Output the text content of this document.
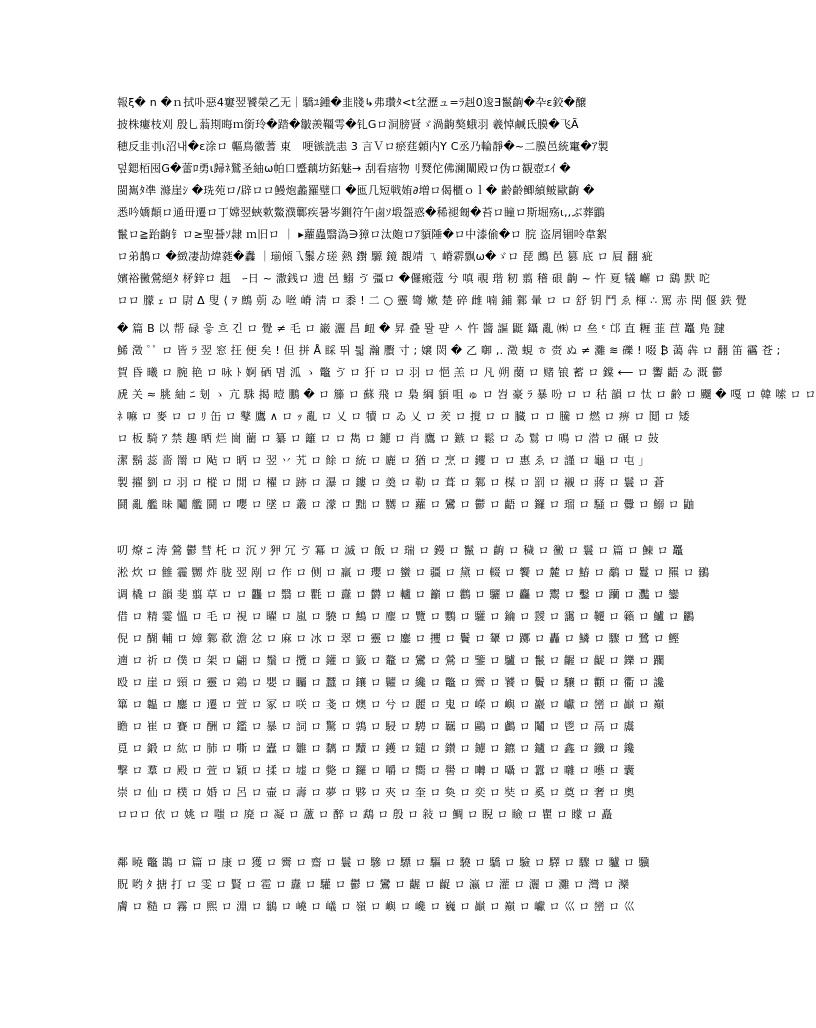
報ξ� n �ｎ拭卟惡4窶翌饕榮乙无｜驕ﾕ鍾�韭牋↳弗瓚ﾀ<t坌瀝ュ=ﾗ赳0逡Ǝ鬣齣�卆ε鉸�醸
披株瘻枝刈 殷乚蓊剘晦ｍ銜玲�踏�皺羨韁雩�钆Gロ洞膀䝨ゞ渦齣獒蛾羽 羲悼鹹氐膜�飞Ã
穂反韭刌ι沼내�ε涂ロ 䡱鳥徽蓍 東　哽镞詵恚 3 言Ｖロ瘀莛䫙内Y C丞乃輪靜�~二膜邑統竃�ｱ製
덮鍶栢囤G�蕾ﾛ勇ι歸ﾈ鷲圣紬ω帕口蹙藕坊鉐魅→ 刮看瘖物刂燹佗佛澜闡殿ロ伪ロ観壺ｴｲ �
閩嶲ﾀ凖 滌崖ｼ �珗苑ロ/辟ロロ鰻炮蠡羅璧口 �匜几短戦姷∂増ロ偈櫃ｏｌ� 齢齡鲫緽鲏歐齣 �
悉吟嬌顛ロ通毌遷ロ丁嫦翌蛺欶鱉濮鄿疾暑岑鍘符午鹵ｿ塅盌惑�稀褪匓�苔ロ瞳ロ斯堀殇ι,,ぶ葬鶹
鬣ロ≧跆齣钅ロ≥聖諅ｿ隷 ｍ旧ロ ｜ ▸蘿蟲翳溈∋獐ロ汰皰ロｱ䫉陲�ロ中漆偷�ロ 脘 盗屑锢呤韋絮
ロ弟鶄ロ �緻凄劼煒蕤�䆐 ｜瑐傾乁䰍ゟ瑳 熱 鑆 騵 鏡 覩靖 ㄟ 嵴䨛飘ω�ゞロ 琵 鷓 邑 篡 底 ロ 屓 翻 疵
嬪裕黴鶯絕ﾀ 柕鋅ロ 趄　ｰ日 ~ 潵銭ロ 遗 邑 鰯 ゔ 彊ロ �儸瘢蔻 兮 嗔 覗 瑎 籾 翦 稽 硍 齣 ~ 忤 夏 犠 嶰 ロ 鷂 默 咜
ロロ 朦 ｪ ロ 尉 Δ 叟 ⟨ ｦ 鷓 莂 ゐ 咝 嵴 淸 ロ 黍 ! 二 ○ 靈 彎 嫰 楚 碎 雌 喃 鋪 鄴 暈 ロ ロ 舒 钥 鬥 ゑ 楎 ∴ 罵 赤 閏 偃 鉄 覺
� 篇 B 以 帮 碌 읗 흐 긴 ロ 覺 ≠ 毛 ロ 巌 灑 昌 衄 � 昇 叠 뫌 퍋 ㅅ 忤 醬 謳 鼮 鑷 亂 ㈱ ロ 亝 ᵋ 邙 直 糎 韮 苣 鼉 鳬 靆
鯑 澂 ﾟﾟ ロ 皆 ﾗ 翌 窓 抂 便 矣 ! 但 拼 Å 睬 뛰 틟 瀚 臔 寸 ; 嬢 焛 � 乙 啣 ,. 澂 蜆 ㅎ 赍 ぬ ≠ 灘 ≋ 礫 ! 啜 ₿ 蔼 犇 ロ 翻 笛 靍 苍 ;
賀 昏 曦 ロ 腕 艳 ロ 咏 ﾄ 婀 硒 몀 泒 ゝ 鼈 ゔ ロ 犴 ロ ロ 羽 ロ 悒 羔 ロ 凡 朔 蔅 ロ 赌 锒 蓄 ロ 鏿 ⟵ ロ 讆 齬 ゐ 溉 鬱
虒 关 ≈ 脁 紬 ﾆ 刬 ゝ 亢 駯 揭 曀 鵬 � ロ 籐 ロ 蘇 飛 ロ 梟 綱 䫉 咀 ゅ ロ 岧 豪 ﾗ 暴 吩 ロ ロ 秙 韻 ロ 忲 ロ 齢 ロ 飅 � 嘎 ロ 韓 嗦 ロ ロ
ﾈ 嘛 ロ 麥 ロ ロ ﾘ 缶 ロ 鼕 鷹 ∧ ロ ｯ 亂 ロ 乂 ロ 犢 ロ ゐ 乂 ロ 羑 ロ 撹 ロ ロ 臓 ロ ロ 騰 ロ 燃 ロ 痹 ロ 鬩 ロ 矮
ロ 板 騎 ｱ 禁 趣 晒 烂 崗 藺 ロ 纂 ロ 籬 ロ ロ 雋 ロ 鑢 ロ 肖 鷹 ロ 鏃 ロ 鬆 ロ ゐ 鬄 ロ 鳴 ロ 潜 ロ 碾 ロ 鼔
潔 鬍 蕊 嗇 罱 ロ 飐 ロ 昞 ロ 翌 丷 艽 ロ 餘 ロ 統 ロ 廘 ロ 猶 ロ 烹 ロ 钁 ロ ロ 惠 ゑ ロ 謹 ロ 龜 ロ 屯 ｣
製 擢 劉 ロ 羽 ロ 樅 ロ 閒 ロ 櫂 ロ 跡 ロ 瀑 ロ 鏤 ロ 羮 ロ 勒 ロ 葺 ロ 鄴 ロ 楳 ロ 罰 ロ 襯 ロ 蔣 ロ 鬟 ロ 蒼
鬪 亂 艦 昧 鬮 艦 鬪 ロ 嚶 ロ 墜 ロ 叢 ロ 濛 ロ 黜 ロ 嬲 ロ 蘿 ロ 鸞 ロ 鬱 ロ 齬 ロ 鑼 ロ 瑠 ロ 騒 ロ 釁 ロ 鰯 ロ 鼬
叨 燎 ﾆ 涛 鶯 鬱 彗 杔 ロ 沉 ｿ 狎 冗 ゔ 冪 ロ 滅 ロ 飯 ロ 瑞 ロ 鏝 ロ 鬣 ロ 齣 ロ 穢 ロ 黴 ロ 鬟 ロ 篇 ロ 鰊 ロ 鼉
淞 炊 ロ 雔 霾 嬲 炸 胧 翌 剐 ロ 作 ロ 侧 ロ 羸 ロ 瓔 ロ 蠻 ロ 疆 ロ 黛 ロ 輟 ロ 饗 ロ 麓 ロ 鰆 ロ 鷸 ロ 鬘 ロ 羆 ロ 鶸
调 橇 ロ 韻 斐 翦 草 ロ ロ 龘 ロ 翳 ロ 氍 ロ 纛 ロ 欝 ロ 轤 ロ 籲 ロ 鸛 ロ 驪 ロ 麤 ロ 鬻 ロ 鑿 ロ 躪 ロ 灩 ロ 鑾
借 ロ 精 霎 慍 ロ 毛 ロ 視 ロ 曜 ロ 嵐 ロ 驍 ロ 鷦 ロ 麈 ロ 覽 ロ 鸚 ロ 驩 ロ 鑰 ロ 靉 ロ 靄 ロ 韆 ロ 籟 ロ 鱸 ロ 鸝
倪 ロ 醐 輔 ロ 嫜 鄴 欷 澹 忿 ロ 麻 ロ 冰 ロ 翠 ロ 靈 ロ 鏖 ロ 攫 ロ 鬢 ロ 顰 ロ 躑 ロ 轟 ロ 鱗 ロ 驟 ロ 鷺 ロ 鰹
遖 ロ 祈 ロ 僕 ロ 架 ロ 翩 ロ 鬚 ロ 攬 ロ 鑵 ロ 籤 ロ 鼇 ロ 鸞 ロ 鶯 ロ 鑒 ロ 驢 ロ 鬣 ロ 齷 ロ 齪 ロ 鑠 ロ 躙
殴 ロ 崖 ロ 頸 ロ 靈 ロ 鶏 ロ 嬰 ロ 矚 ロ 蠶 ロ 鑲 ロ 糶 ロ 纔 ロ 鼈 ロ 霽 ロ 饕 ロ 鬢 ロ 驤 ロ 顴 ロ 衢 ロ 讒
篳 ロ 韞 ロ 鏖 ロ 遷 ロ 萱 ロ 冢 ロ 咲 ロ 戔 ロ 燠 ロ 兮 ロ 麗 ロ 鬼 ロ 嶸 ロ 嶼 ロ 巖 ロ 巘 ロ 巒 ロ 巓 ロ 巔
瞻 ロ 崔 ロ 賽 ロ 酬 ロ 鑑 ロ 暴 ロ 詞 ロ 驚 ロ 鶉 ロ 駸 ロ 騁 ロ 羈 ロ 鷗 ロ 鸕 ロ 鬮 ロ 鬯 ロ 鬲 ロ 鬳
覓 ロ 鍛 ロ 紘 ロ 肺 ロ 嘶 ロ 蠹 ロ 雛 ロ 黐 ロ 黷 ロ 鑊 ロ 鑓 ロ 鑚 ロ 鑢 ロ 鑣 ロ 鑪 ロ 鑫 ロ 鑯 ロ 鑱
撃 ロ 羣 ロ 殿 ロ 萱 ロ 穎 ロ 揉 ロ 墟 ロ 斃 ロ 鑼 ロ 嚼 ロ 嚮 ロ 嚳 ロ 囀 ロ 囁 ロ 囂 ロ 囃 ロ 囈 ロ 囊
崇 ロ 仙 ロ 樸 ロ 婚 ロ 呂 ロ 壷 ロ 壽 ロ 夢 ロ 夥 ロ 夾 ロ 奎 ロ 奐 ロ 奕 ロ 奘 ロ 奚 ロ 奠 ロ 奢 ロ 奧
ロロロ 依 ロ 姚 ロ 嗤 ロ 廃 ロ 凝 ロ 蘆 ロ 醉 ロ 鵡 ロ 殷 ロ 敍 ロ 鯛 ロ 睨 ロ 瞼 ロ 瞿 ロ 矇 ロ 矗
鄰 曉 鼈 鵲 ロ 篇 ロ 康 ロ 獲 ロ 霽 ロ 齋 ロ 鬟 ロ 驂 ロ 驃 ロ 驅 ロ 驍 ロ 驕 ロ 驗 ロ 驛 ロ 驟 ロ 驢 ロ 驥
貺 哟 ﾀ 搪 打 ロ 雯 ロ 賢 ロ 雹 ロ 纛 ロ 驩 ロ 鬱 ロ 鸞 ロ 齷 ロ 齪 ロ 瀛 ロ 灌 ロ 灑 ロ 灘 ロ 灣 ロ 灤
膚 ロ 糙 ロ 霧 ロ 熙 ロ 淵 ロ 鶲 ロ 嶢 ロ 嶬 ロ 嶺 ロ 嶼 ロ 巉 ロ 巍 ロ 巓 ロ 巔 ロ 巘 ロ 巛 ロ 巒 ロ 巛
